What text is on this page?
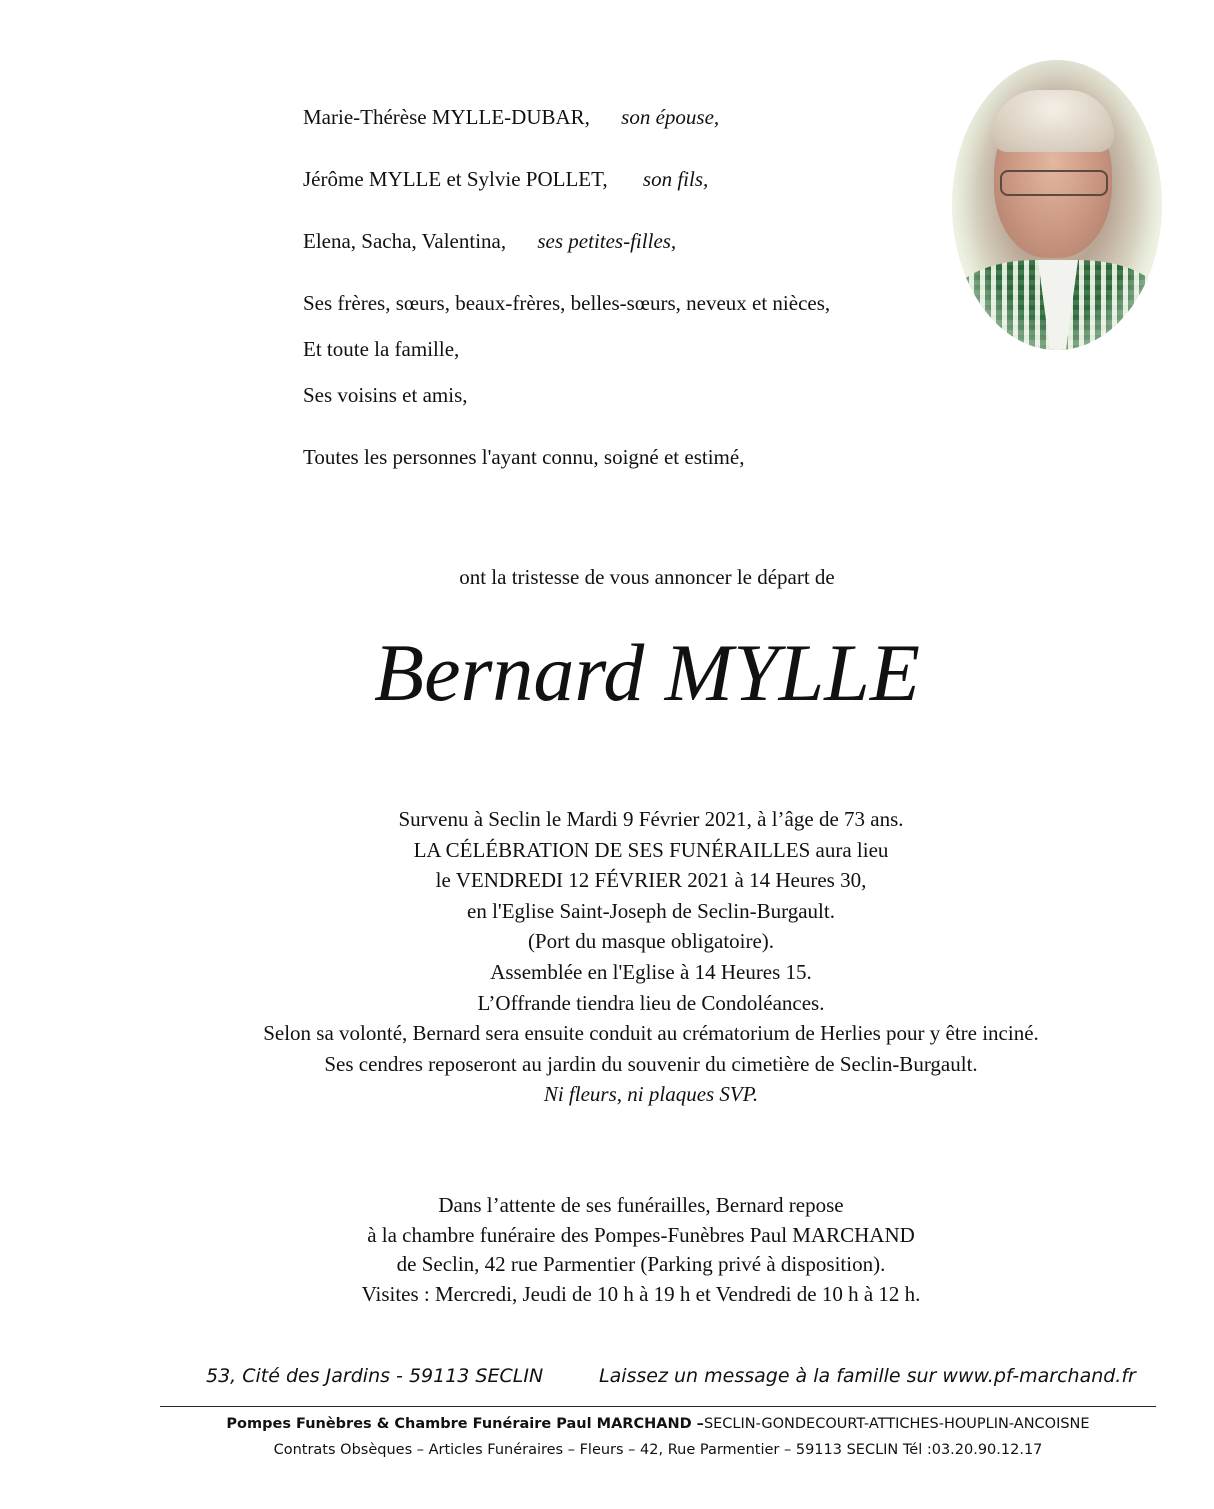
Marie-Thérèse MYLLE-DUBAR, son épouse,
Jérôme MYLLE et Sylvie POLLET, son fils,
Elena, Sacha, Valentina, ses petites-filles,
Ses frères, sœurs, beaux-frères, belles-sœurs, neveux et nièces,
Et toute la famille,
Ses voisins et amis,
Toutes les personnes l'ayant connu, soigné et estimé,
ont la tristesse de vous annoncer le départ de
Bernard MYLLE
Survenu à Seclin le Mardi 9 Février 2021, à l’âge de 73 ans.
LA CÉLÉBRATION DE SES FUNÉRAILLES aura lieu
le VENDREDI 12 FÉVRIER 2021 à 14 Heures 30,
en l'Eglise Saint-Joseph de Seclin-Burgault.
(Port du masque obligatoire).
Assemblée en l'Eglise à 14 Heures 15.
L’Offrande tiendra lieu de Condoléances.
Selon sa volonté, Bernard sera ensuite conduit au crématorium de Herlies pour y être inciné.
Ses cendres reposeront au jardin du souvenir du cimetière de Seclin-Burgault.
Ni fleurs, ni plaques SVP.
Dans l’attente de ses funérailles, Bernard repose
à la chambre funéraire des Pompes-Funèbres Paul MARCHAND
de Seclin, 42 rue Parmentier (Parking privé à disposition).
Visites : Mercredi, Jeudi de 10 h à 19 h et Vendredi de 10 h à 12 h.
53, Cité des Jardins - 59113 SECLIN	Laissez un message à la famille sur www.pf-marchand.fr
Pompes Funèbres & Chambre Funéraire Paul MARCHAND –SECLIN-GONDECOURT-ATTICHES-HOUPLIN-ANCOISNE
Contrats Obsèques – Articles Funéraires – Fleurs – 42, Rue Parmentier – 59113 SECLIN Tél :03.20.90.12.17
